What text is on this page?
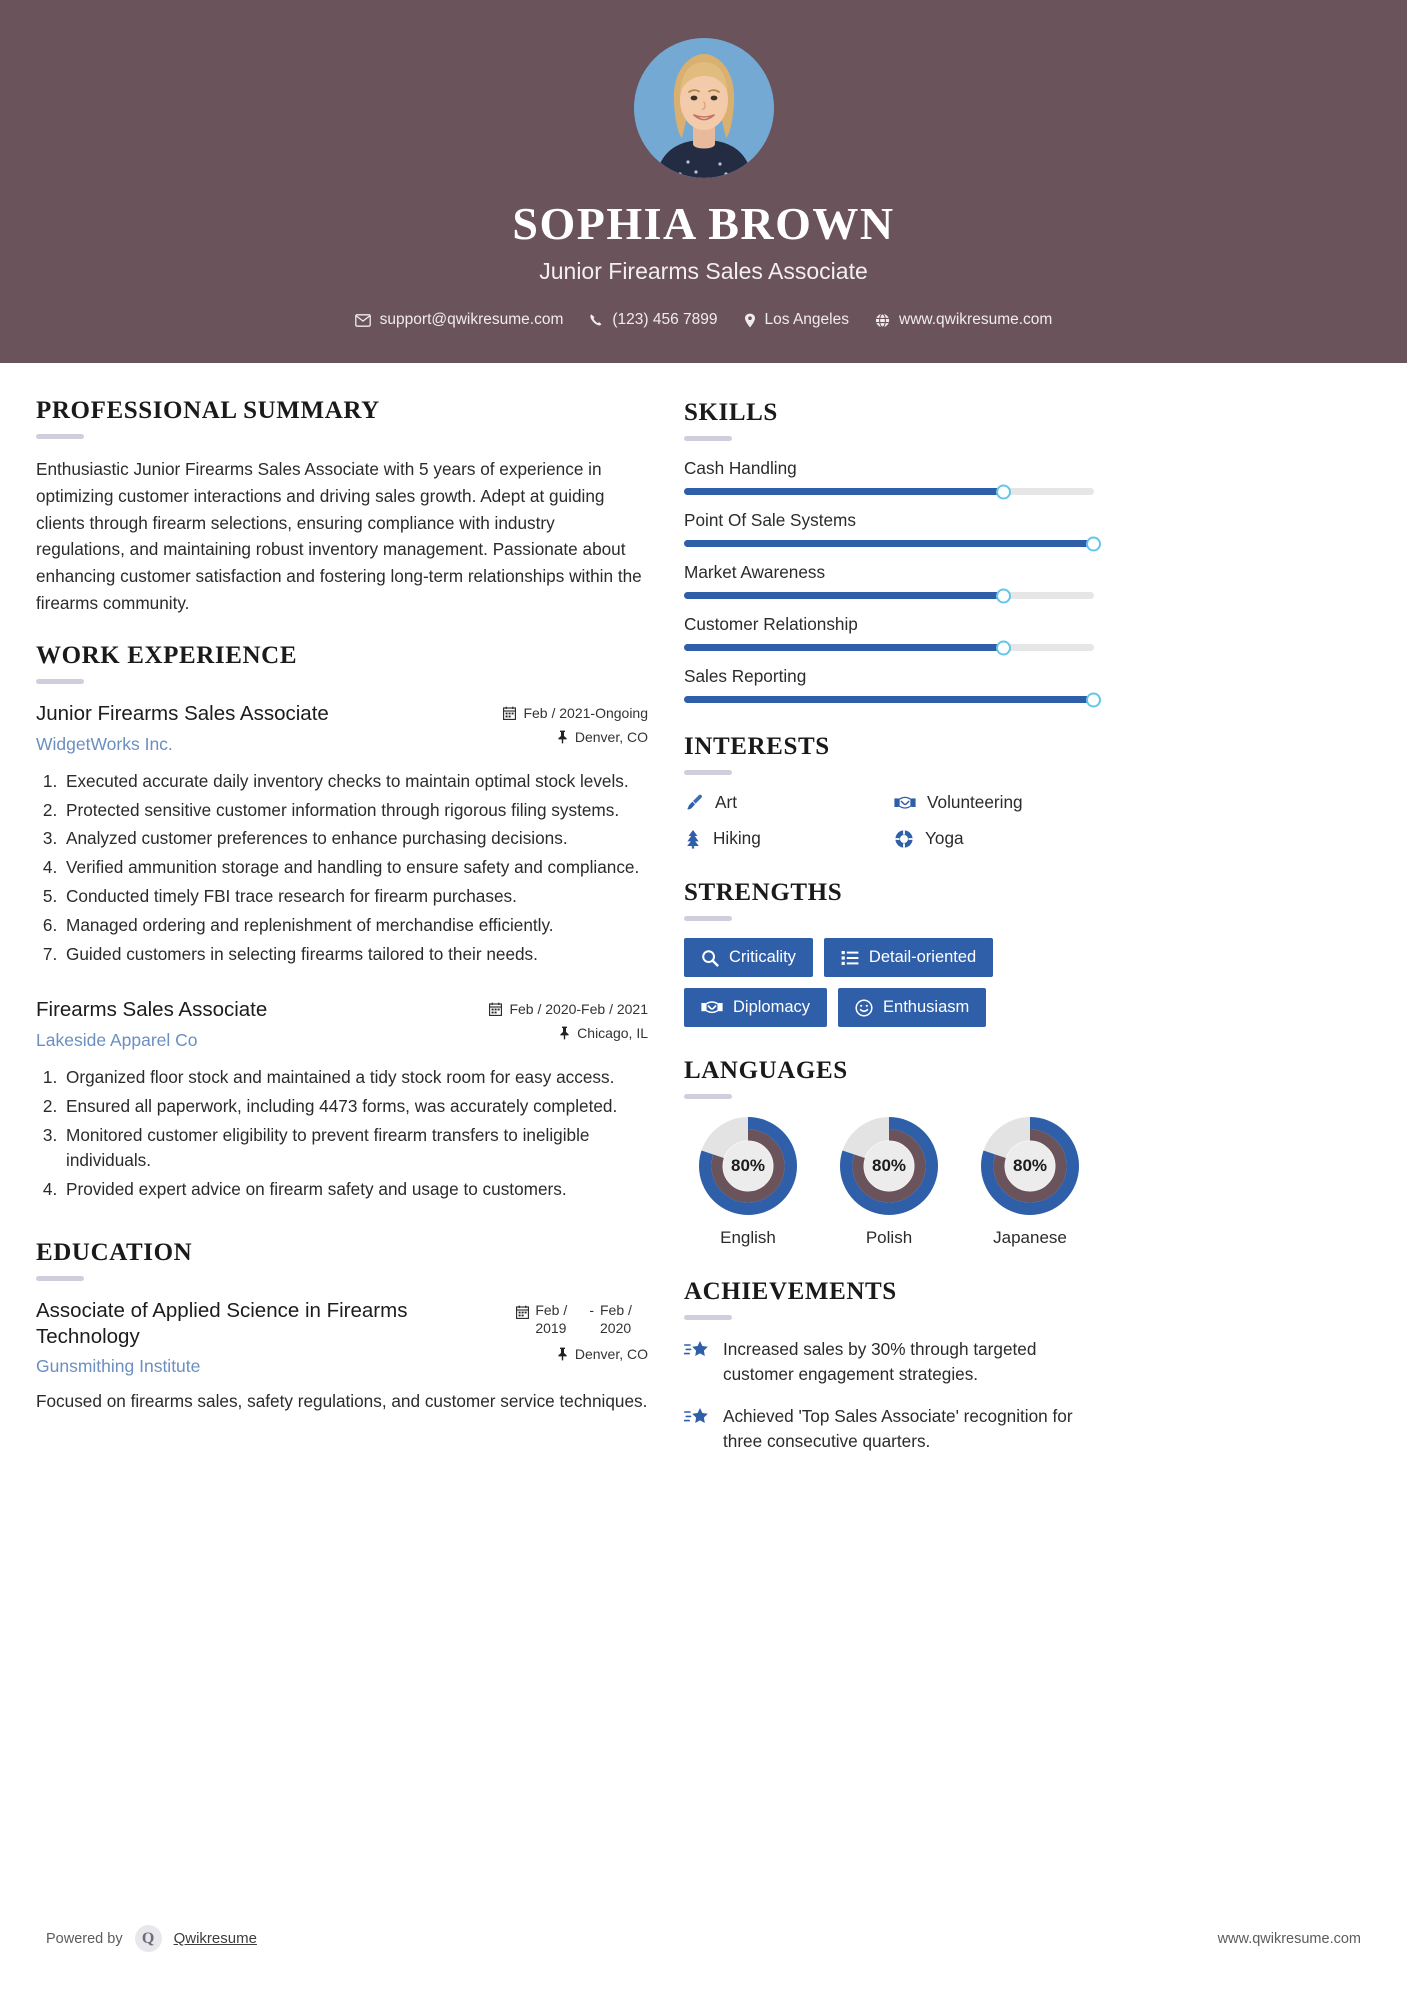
SOPHIA BROWN
Junior Firearms Sales Associate
support@qwikresume.com	(123) 456 7899	Los Angeles	www.qwikresume.com
PROFESSIONAL SUMMARY
Enthusiastic Junior Firearms Sales Associate with 5 years of experience in optimizing customer interactions and driving sales growth. Adept at guiding clients through firearm selections, ensuring compliance with industry regulations, and maintaining robust inventory management. Passionate about enhancing customer satisfaction and fostering long-term relationships within the firearms community.
WORK EXPERIENCE
Junior Firearms Sales Associate
WidgetWorks Inc.
Feb / 2021-Ongoing
Denver, CO
1. Executed accurate daily inventory checks to maintain optimal stock levels.
2. Protected sensitive customer information through rigorous filing systems.
3. Analyzed customer preferences to enhance purchasing decisions.
4. Verified ammunition storage and handling to ensure safety and compliance.
5. Conducted timely FBI trace research for firearm purchases.
6. Managed ordering and replenishment of merchandise efficiently.
7. Guided customers in selecting firearms tailored to their needs.
Firearms Sales Associate
Lakeside Apparel Co
Feb / 2020-Feb / 2021
Chicago, IL
1. Organized floor stock and maintained a tidy stock room for easy access.
2. Ensured all paperwork, including 4473 forms, was accurately completed.
3. Monitored customer eligibility to prevent firearm transfers to ineligible individuals.
4. Provided expert advice on firearm safety and usage to customers.
EDUCATION
Associate of Applied Science in Firearms Technology
Gunsmithing Institute
Feb / 2019
- Feb / 2020
Denver, CO
Focused on firearms sales, safety regulations, and customer service techniques.
SKILLS
Cash Handling
Point Of Sale Systems
Market Awareness
Customer Relationship
Sales Reporting
INTERESTS
Art	Volunteering
Hiking	Yoga
STRENGTHS
Criticality	Detail-oriented
Diplomacy	Enthusiasm
LANGUAGES
80%
English
80%
Polish
80%
Japanese
ACHIEVEMENTS
Increased sales by 30% through targeted customer engagement strategies.
Achieved 'Top Sales Associate' recognition for three consecutive quarters.
Powered by	Q	Qwikresume	www.qwikresume.com
